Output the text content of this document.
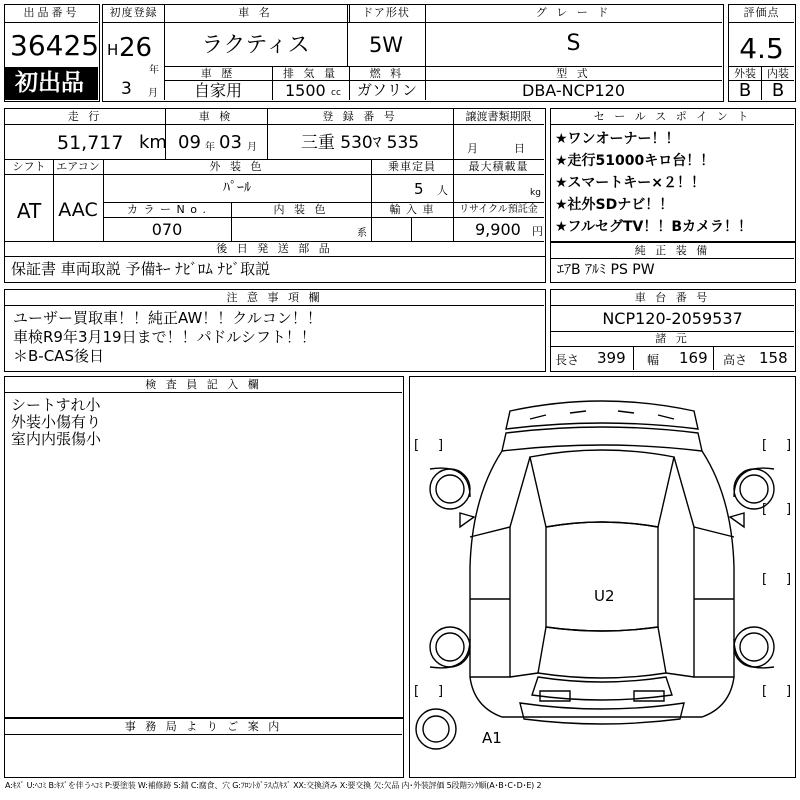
出品番号
36425
初出品
初度登録
H 26
年
3 月
車 名
ラクティス
ドア形状
5W
グ レ ー ド
S
車 歴
自家用
排 気 量
1500 cc
燃 料
ガソリン
型 式
DBA-NCP120
評価点
4.5
外装	内装
B	B
走 行
51,717 km
車 検
09 年 03 月
登 録 番 号
三重 530ﾏ 535
譲渡書類期限
月	日
シフト
AT
エアコン
AAC
外 装 色
ﾊﾟｰﾙ
乗車定員
5 人
最大積載量
kg
カ ラ ー N o .
070
内 装 色
系
輸 入 車	リサイクル預託金
9,900 円
後 日 発 送 部 品
保証書 車両取説 予備ｷｰ ﾅﾋﾞﾛﾑ ﾅﾋﾞ取説
セ ー ル ス ポ イ ン ト
★ワンオーナー！！
★走行51000キロ台！！
★スマートキー×２！！
★社外SDナビ！！
★フルセグTV！！Bカメラ！！
純 正 装 備
ｴｱB ｱﾙﾐ PS PW
注 意 事 項 欄
ユーザー買取車！！純正AW！！クルコン！！
車検R9年3月19日まで！！パドルシフト！！
＊B-CAS後日
車 台 番 号
NCP120-2059537
諸 元
長さ 399 幅 169 高さ 158
検 査 員 記 入 欄
シートすれ小
外装小傷有り
室内内張傷小
事 務 局 よ り ご 案 内
[ ]	[ ]
[ ]
[ ]
[ ]
[ ]
U2
A1
A:ｷｽﾞ U:ﾍｺﾐ B:ｷｽﾞを伴うﾍｺﾐ P:要塗装 W:補修跡 S:錆 C:腐食、穴 G:ﾌﾛﾝﾄｶﾞﾗｽ点ｷｽﾞ XX:交換済み X:要交換 欠:欠品 内･外装評価 5段階ﾗﾝｸ順(A･B･C･D･E) 2
